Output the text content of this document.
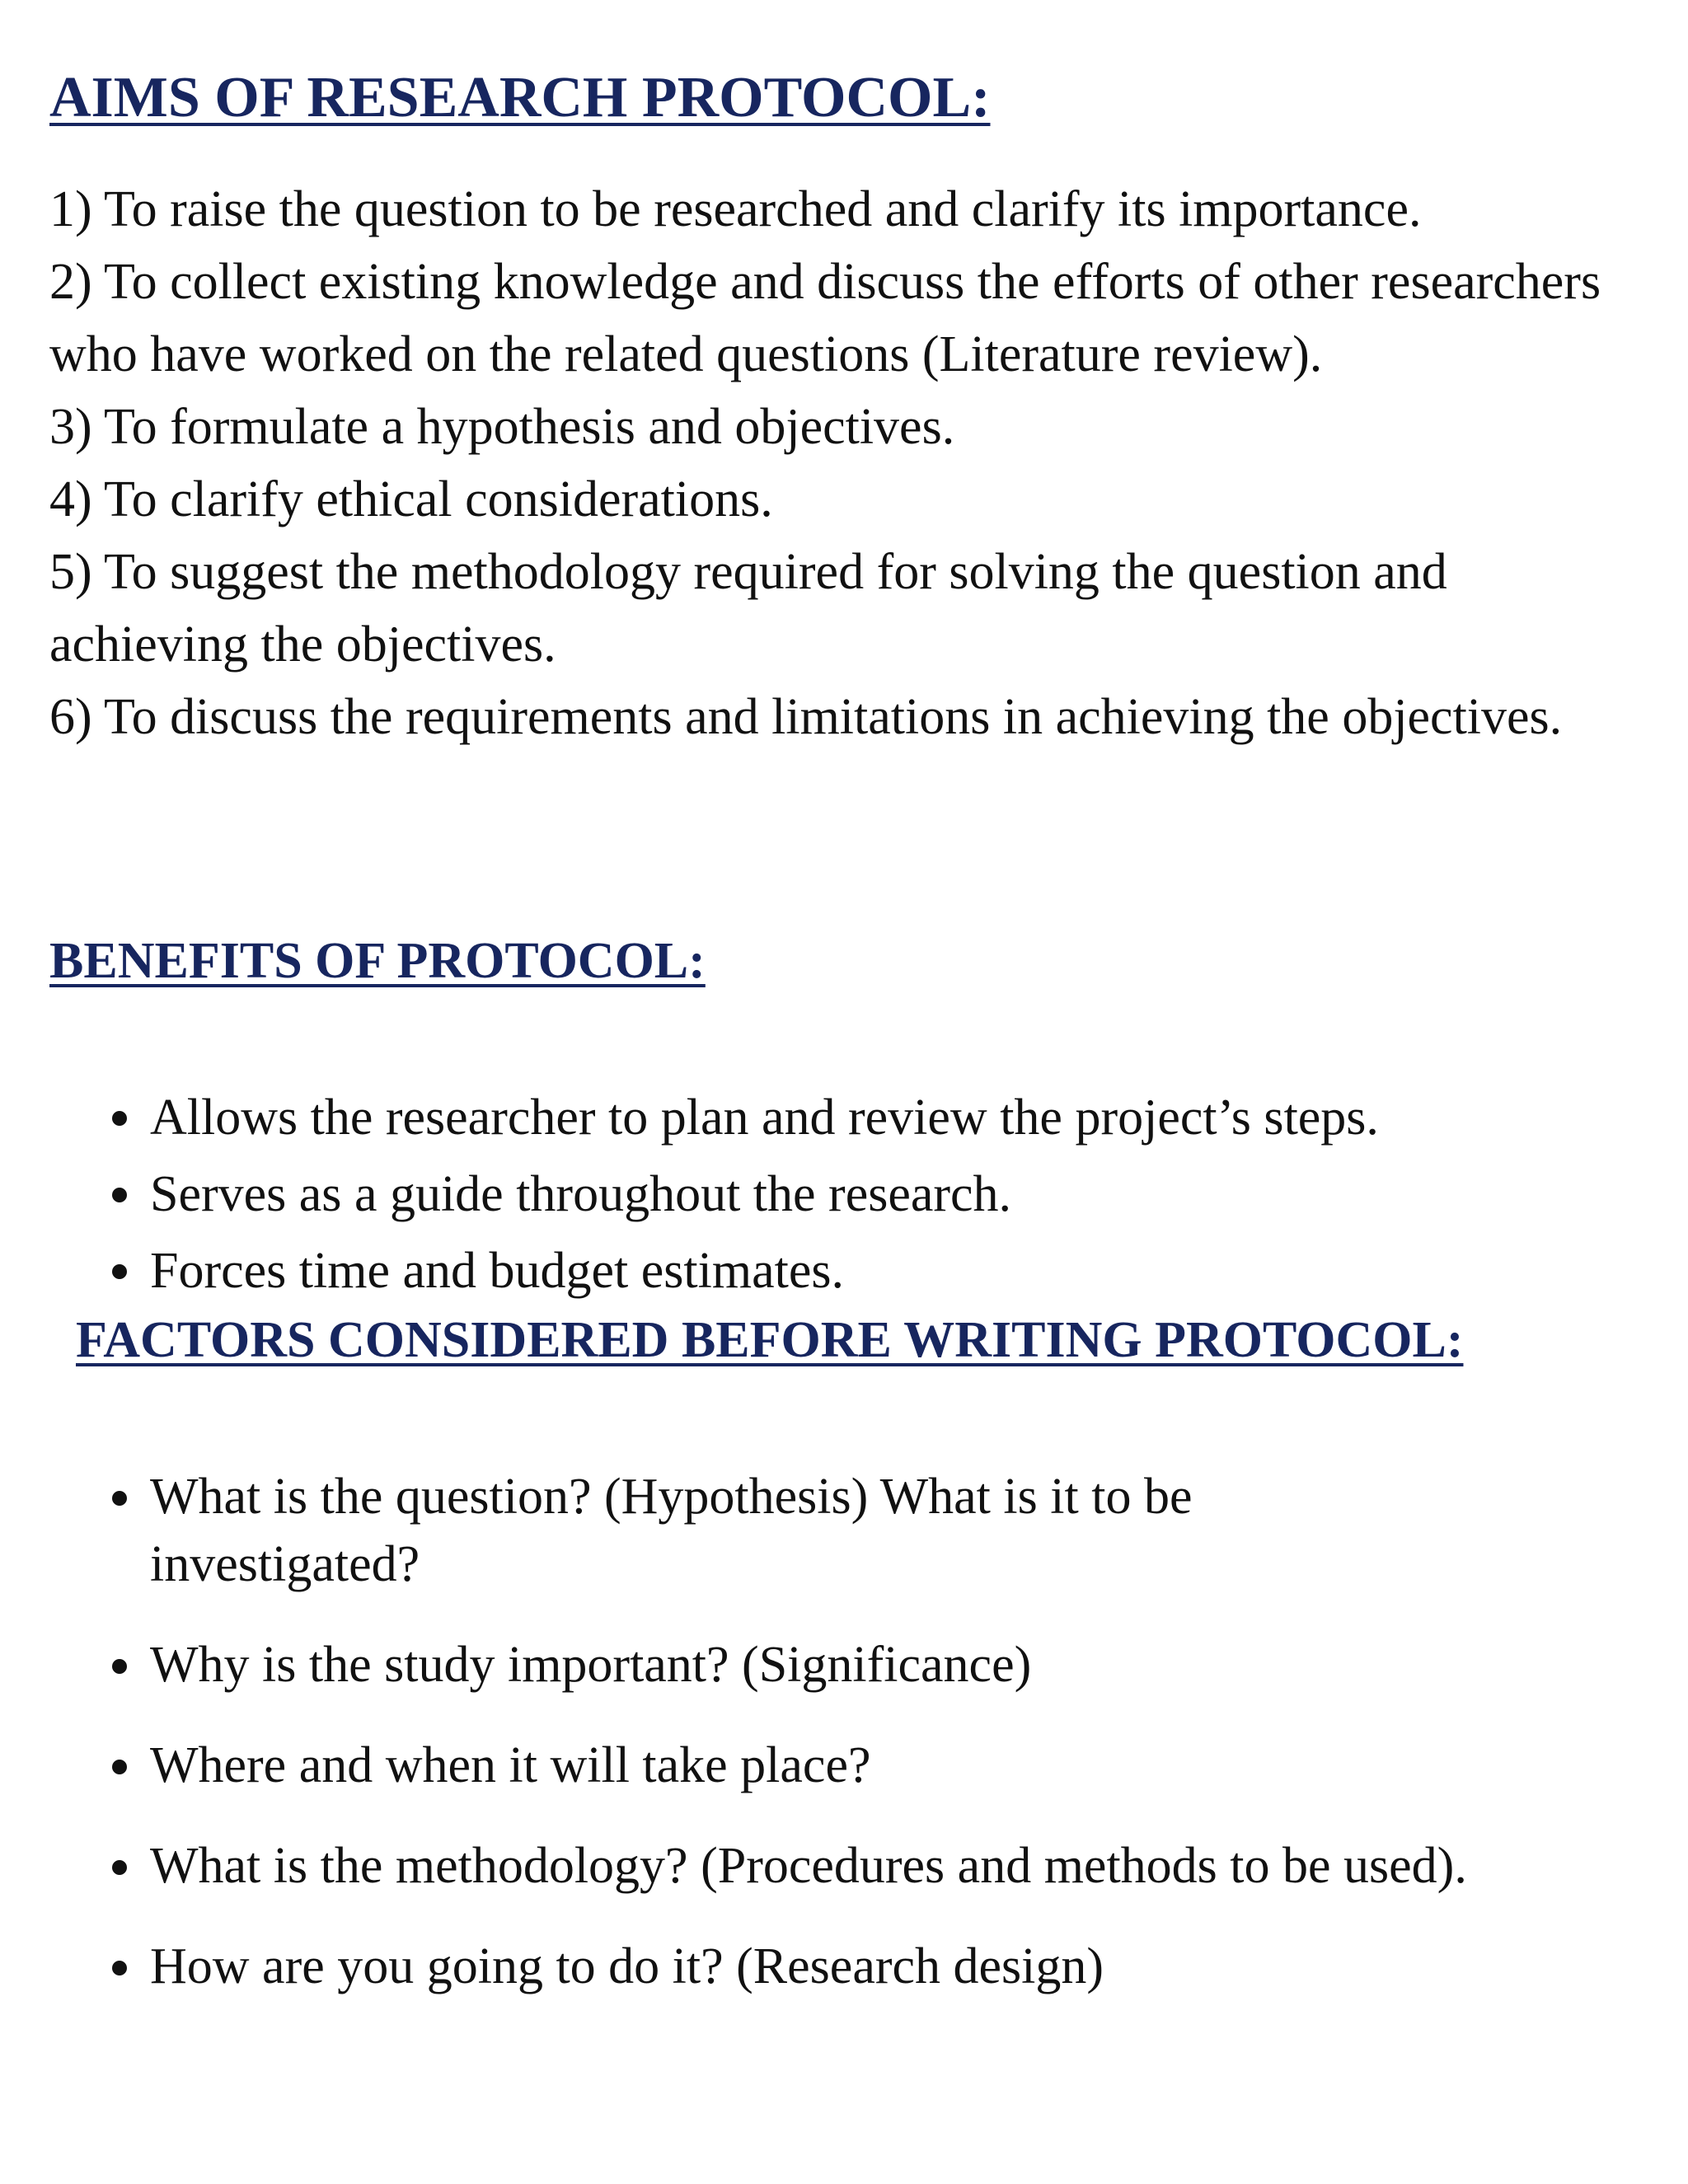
AIMS OF RESEARCH PROTOCOL:
1) To raise the question to be researched and clarify its importance.
2) To collect existing knowledge and discuss the efforts of other researchers who have worked on the related questions (Literature review).
3) To formulate a hypothesis and objectives.
4) To clarify ethical considerations.
5) To suggest the methodology required for solving the question and achieving the objectives.
6) To discuss the requirements and limitations in achieving the objectives.
BENEFITS OF PROTOCOL:
Allows the researcher to plan and review the project’s steps.
Serves as a guide throughout the research.
Forces time and budget estimates.
FACTORS CONSIDERED BEFORE WRITING PROTOCOL:
What is the question? (Hypothesis) What is it to be investigated?
Why is the study important? (Significance)
Where and when it will take place?
What is the methodology? (Procedures and methods to be used).
How are you going to do it? (Research design)
